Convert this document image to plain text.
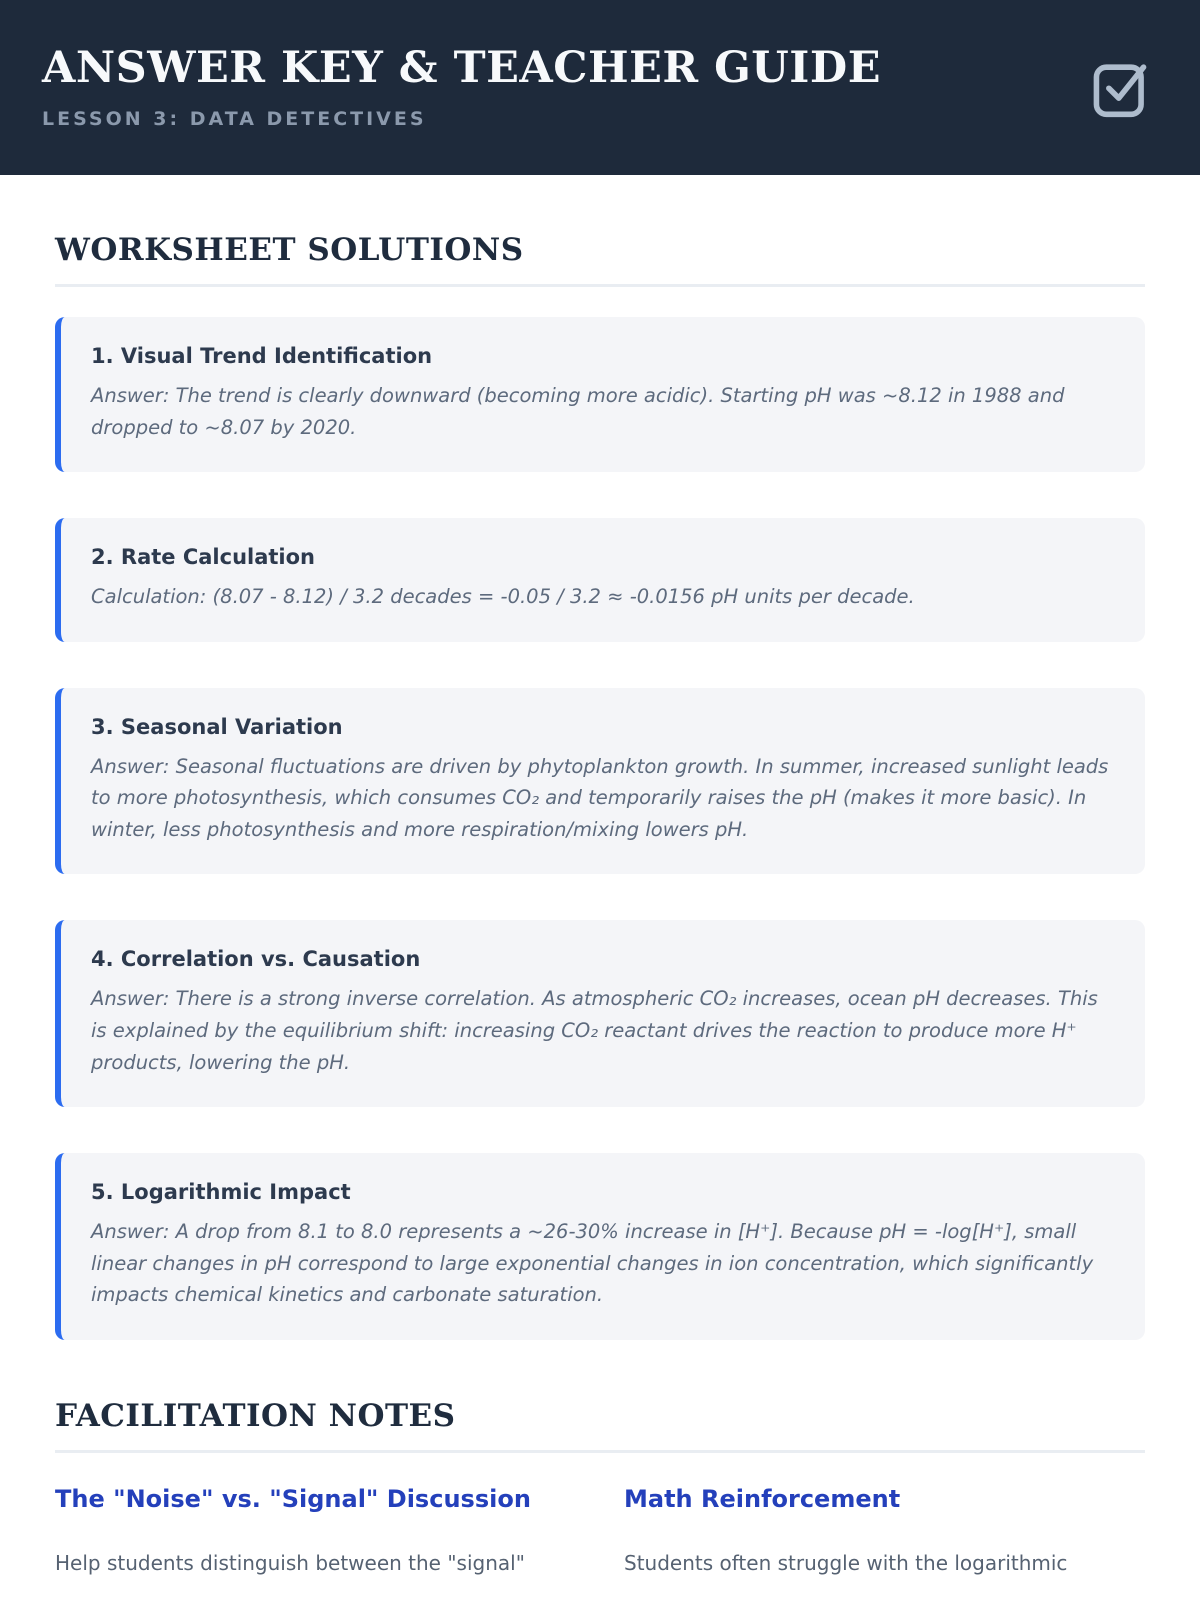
ANSWER KEY & TEACHER GUIDE
LESSON 3: DATA DETECTIVES
WORKSHEET SOLUTIONS
1. Visual Trend Identification

Answer: The trend is clearly downward (becoming more acidic). Starting pH was ~8.12 in 1988 and dropped to ~8.07 by 2020.

2. Rate Calculation

Calculation: (8.07 - 8.12) / 3.2 decades = -0.05 / 3.2 ≈ -0.0156 pH units per decade.

3. Seasonal Variation

Answer: Seasonal fluctuations are driven by phytoplankton growth. In summer, increased sunlight leads to more photosynthesis, which consumes CO₂ and temporarily raises the pH (makes it more basic). In winter, less photosynthesis and more respiration/mixing lowers pH.

4. Correlation vs. Causation

Answer: There is a strong inverse correlation. As atmospheric CO₂ increases, ocean pH decreases. This is explained by the equilibrium shift: increasing CO₂ reactant drives the reaction to produce more H⁺ products, lowering the pH.

5. Logarithmic Impact

Answer: A drop from 8.1 to 8.0 represents a ~26-30% increase in [H⁺]. Because pH = -log[H⁺], small linear changes in pH correspond to large exponential changes in ion concentration, which significantly impacts chemical kinetics and carbonate saturation.

FACILITATION NOTES
The "Noise" vs. "Signal" Discussion

Help students distinguish between the "signal"

Math Reinforcement

Students often struggle with the logarithmic
